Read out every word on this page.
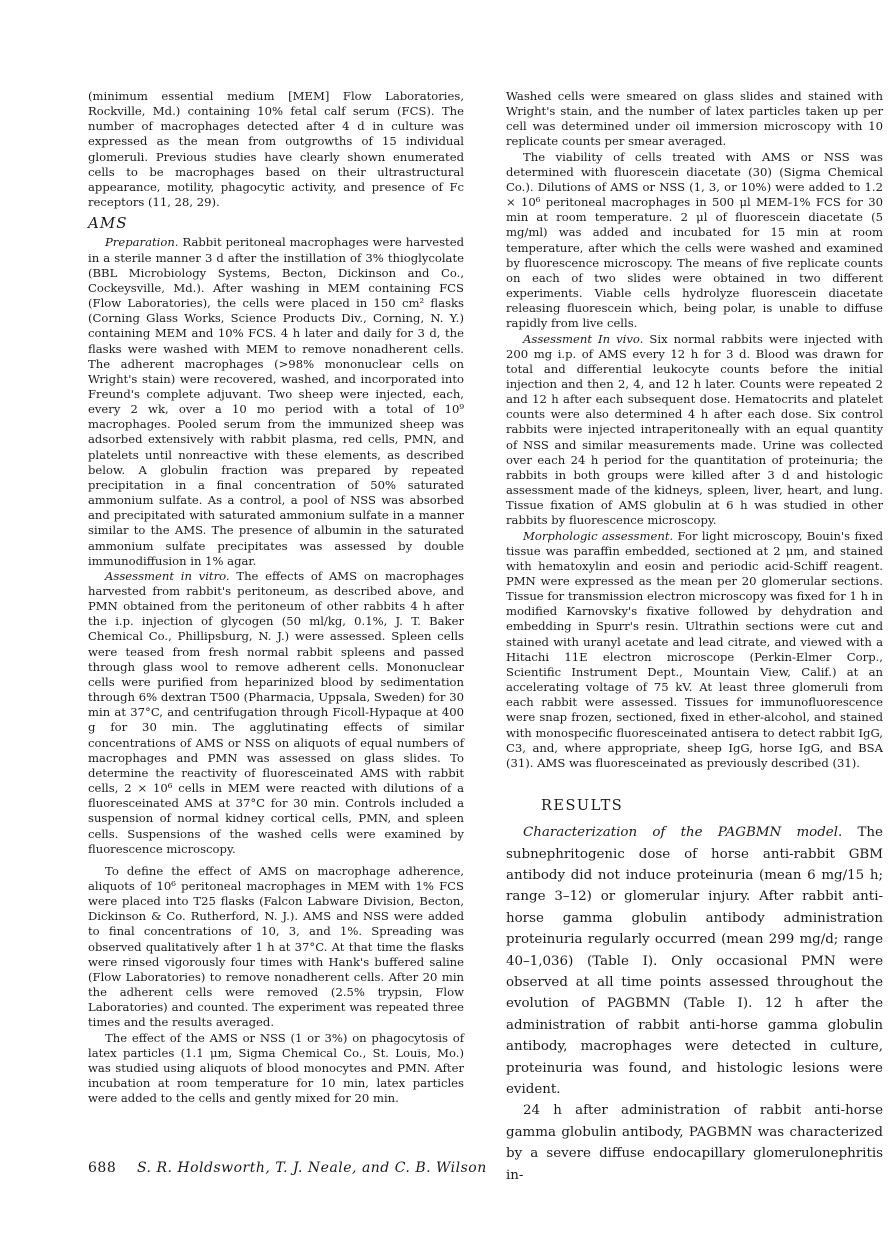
(minimum essential medium [MEM] Flow Laboratories, Rockville, Md.) containing 10% fetal calf serum (FCS). The number of macrophages detected after 4 d in culture was expressed as the mean from outgrowths of 15 individual glomeruli. Previous studies have clearly shown enumerated cells to be macrophages based on their ultrastructural appearance, motility, phagocytic activity, and presence of Fc receptors (11, 28, 29).

AMS

Preparation. Rabbit peritoneal macrophages were harvested in a sterile manner 3 d after the instillation of 3% thioglycolate (BBL Microbiology Systems, Becton, Dickinson and Co., Cockeysville, Md.). After washing in MEM containing FCS (Flow Laboratories), the cells were placed in 150 cm² flasks (Corning Glass Works, Science Products Div., Corning, N. Y.) containing MEM and 10% FCS. 4 h later and daily for 3 d, the flasks were washed with MEM to remove nonadherent cells. The adherent macrophages (>98% mononuclear cells on Wright's stain) were recovered, washed, and incorporated into Freund's complete adjuvant. Two sheep were injected, each, every 2 wk, over a 10 mo period with a total of 10⁹ macrophages. Pooled serum from the immunized sheep was adsorbed extensively with rabbit plasma, red cells, PMN, and platelets until nonreactive with these elements, as described below. A globulin fraction was prepared by repeated precipitation in a final concentration of 50% saturated ammonium sulfate. As a control, a pool of NSS was absorbed and precipitated with saturated ammonium sulfate in a manner similar to the AMS. The presence of albumin in the saturated ammonium sulfate precipitates was assessed by double immunodiffusion in 1% agar.

Assessment in vitro. The effects of AMS on macrophages harvested from rabbit's peritoneum, as described above, and PMN obtained from the peritoneum of other rabbits 4 h after the i.p. injection of glycogen (50 ml/kg, 0.1%, J. T. Baker Chemical Co., Phillipsburg, N. J.) were assessed. Spleen cells were teased from fresh normal rabbit spleens and passed through glass wool to remove adherent cells. Mononuclear cells were purified from heparinized blood by sedimentation through 6% dextran T500 (Pharmacia, Uppsala, Sweden) for 30 min at 37°C, and centrifugation through Ficoll-Hypaque at 400 g for 30 min. The agglutinating effects of similar concentrations of AMS or NSS on aliquots of equal numbers of macrophages and PMN was assessed on glass slides. To determine the reactivity of fluoresceinated AMS with rabbit cells, 2 × 10⁶ cells in MEM were reacted with dilutions of a fluoresceinated AMS at 37°C for 30 min. Controls included a suspension of normal kidney cortical cells, PMN, and spleen cells. Suspensions of the washed cells were examined by fluorescence microscopy.

To define the effect of AMS on macrophage adherence, aliquots of 10⁶ peritoneal macrophages in MEM with 1% FCS were placed into T25 flasks (Falcon Labware Division, Becton, Dickinson & Co. Rutherford, N. J.). AMS and NSS were added to final concentrations of 10, 3, and 1%. Spreading was observed qualitatively after 1 h at 37°C. At that time the flasks were rinsed vigorously four times with Hank's buffered saline (Flow Laboratories) to remove nonadherent cells. After 20 min the adherent cells were removed (2.5% trypsin, Flow Laboratories) and counted. The experiment was repeated three times and the results averaged.

The effect of the AMS or NSS (1 or 3%) on phagocytosis of latex particles (1.1 μm, Sigma Chemical Co., St. Louis, Mo.) was studied using aliquots of blood monocytes and PMN. After incubation at room temperature for 10 min, latex particles were added to the cells and gently mixed for 20 min.

Washed cells were smeared on glass slides and stained with Wright's stain, and the number of latex particles taken up per cell was determined under oil immersion microscopy with 10 replicate counts per smear averaged.

The viability of cells treated with AMS or NSS was determined with fluorescein diacetate (30) (Sigma Chemical Co.). Dilutions of AMS or NSS (1, 3, or 10%) were added to 1.2 × 10⁶ peritoneal macrophages in 500 μl MEM-1% FCS for 30 min at room temperature. 2 μl of fluorescein diacetate (5 mg/ml) was added and incubated for 15 min at room temperature, after which the cells were washed and examined by fluorescence microscopy. The means of five replicate counts on each of two slides were obtained in two different experiments. Viable cells hydrolyze fluorescein diacetate releasing fluorescein which, being polar, is unable to diffuse rapidly from live cells.

Assessment In vivo. Six normal rabbits were injected with 200 mg i.p. of AMS every 12 h for 3 d. Blood was drawn for total and differential leukocyte counts before the initial injection and then 2, 4, and 12 h later. Counts were repeated 2 and 12 h after each subsequent dose. Hematocrits and platelet counts were also determined 4 h after each dose. Six control rabbits were injected intraperitoneally with an equal quantity of NSS and similar measurements made. Urine was collected over each 24 h period for the quantitation of proteinuria; the rabbits in both groups were killed after 3 d and histologic assessment made of the kidneys, spleen, liver, heart, and lung. Tissue fixation of AMS globulin at 6 h was studied in other rabbits by fluorescence microscopy.

Morphologic assessment. For light microscopy, Bouin's fixed tissue was paraffin embedded, sectioned at 2 μm, and stained with hematoxylin and eosin and periodic acid-Schiff reagent. PMN were expressed as the mean per 20 glomerular sections. Tissue for transmission electron microscopy was fixed for 1 h in modified Karnovsky's fixative followed by dehydration and embedding in Spurr's resin. Ultrathin sections were cut and stained with uranyl acetate and lead citrate, and viewed with a Hitachi 11E electron microscope (Perkin-Elmer Corp., Scientific Instrument Dept., Mountain View, Calif.) at an accelerating voltage of 75 kV. At least three glomeruli from each rabbit were assessed. Tissues for immunofluorescence were snap frozen, sectioned, fixed in ether-alcohol, and stained with monospecific fluoresceinated antisera to detect rabbit IgG, C3, and, where appropriate, sheep IgG, horse IgG, and BSA (31). AMS was fluoresceinated as previously described (31).

RESULTS

Characterization of the PAGBMN model. The subnephritogenic dose of horse anti-rabbit GBM antibody did not induce proteinuria (mean 6 mg/15 h; range 3–12) or glomerular injury. After rabbit anti-horse gamma globulin antibody administration proteinuria regularly occurred (mean 299 mg/d; range 40–1,036) (Table I). Only occasional PMN were observed at all time points assessed throughout the evolution of PAGBMN (Table I). 12 h after the administration of rabbit anti-horse gamma globulin antibody, macrophages were detected in culture, proteinuria was found, and histologic lesions were evident.

24 h after administration of rabbit anti-horse gamma globulin antibody, PAGBMN was characterized by a severe diffuse endocapillary glomerulonephritis in-

688 S. R. Holdsworth, T. J. Neale, and C. B. Wilson
